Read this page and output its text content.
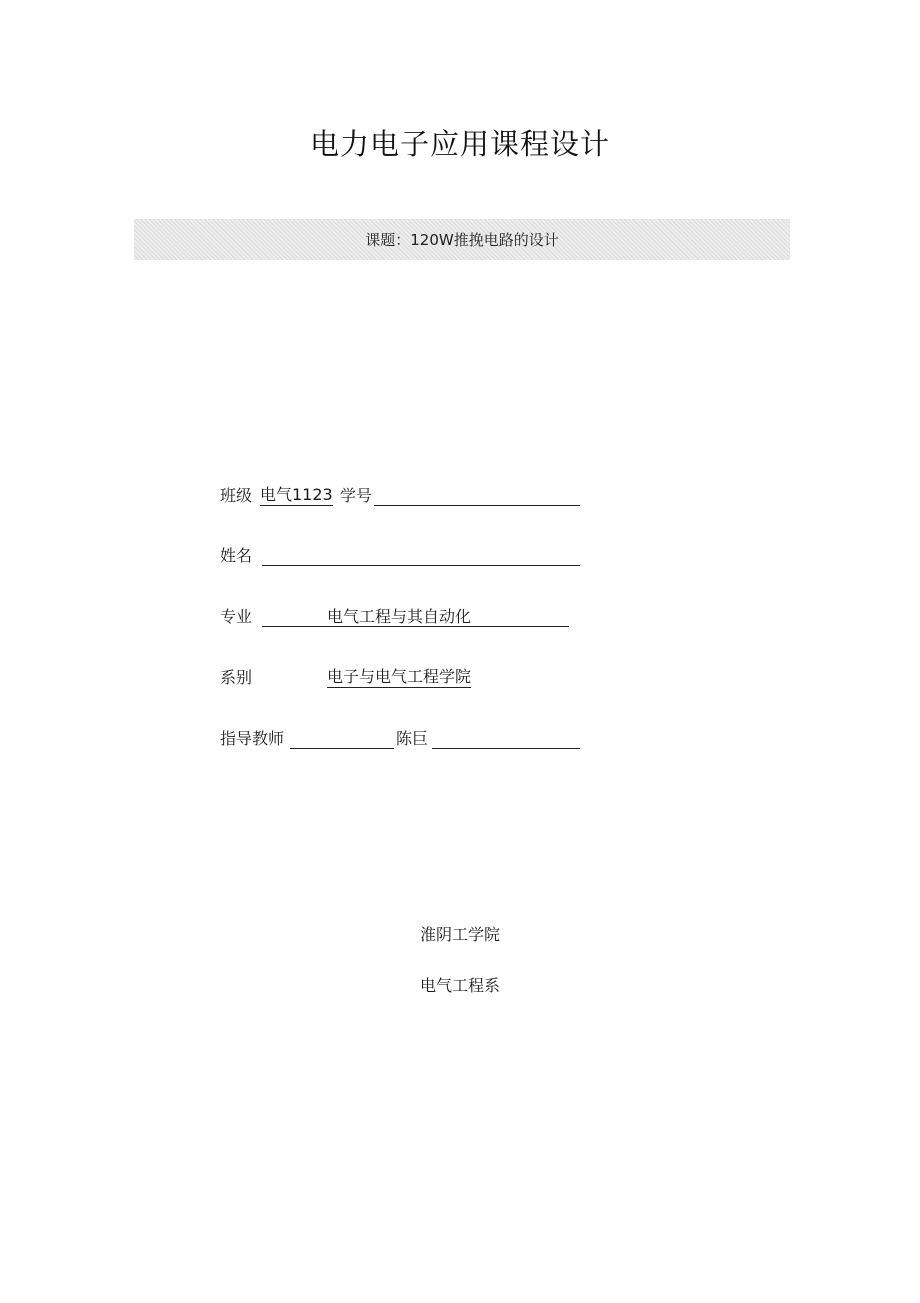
电力电子应用课程设计
课题：120W推挽电路的设计
班级 电气1123 学号
姓名
专业	电气工程与其自动化
系别	电子与电气工程学院
指导教师	陈巨
淮阴工学院
电气工程系
